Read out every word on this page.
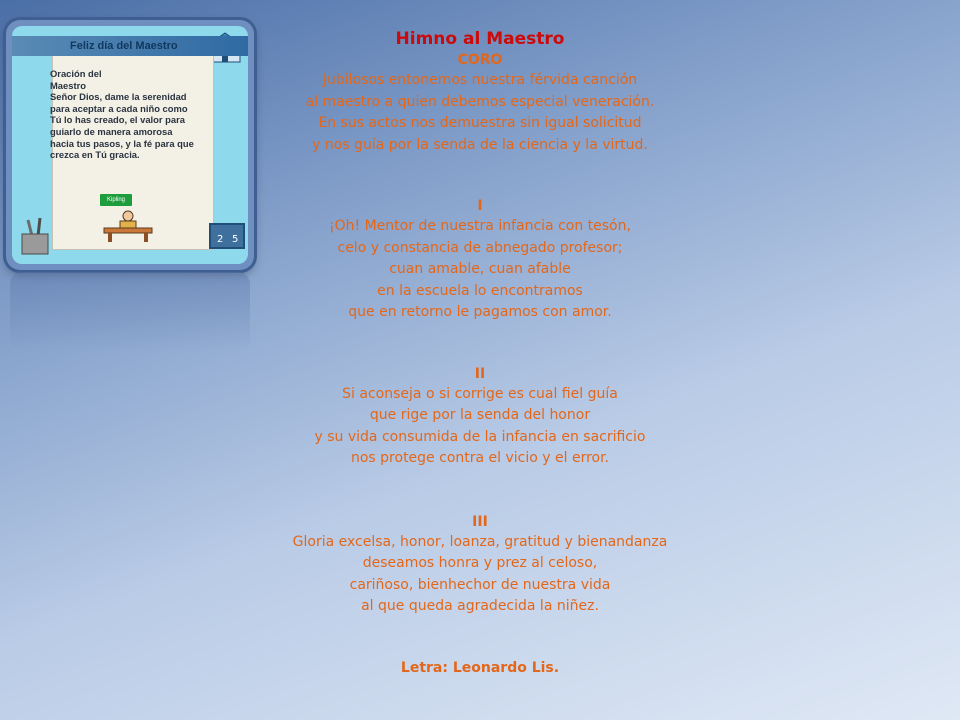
Feliz día del Maestro
Oración del
Maestro
Señor Dios, dame la serenidad
para aceptar a cada niño como
Tú lo has creado, el valor para
guiarlo de manera amorosa
hacia tus pasos, y la fé para que
crezca en Tú gracia.
Kipling
2 5
Himno al Maestro
CORO
Jubilosos entonemos nuestra férvida canción
al maestro a quien debemos especial veneración.
En sus actos nos demuestra sin igual solicitud
y nos guía por la senda de la ciencia y la virtud.
I
¡Oh! Mentor de nuestra infancia con tesón,
celo y constancia de abnegado profesor;
cuan amable, cuan afable
en la escuela lo encontramos
que en retorno le pagamos con amor.
II
Si aconseja o si corrige es cual fiel guía
que rige por la senda del honor
y su vida consumida de la infancia en sacrificio
nos protege contra el vicio y el error.
III
Gloria excelsa, honor, loanza, gratitud y bienandanza
deseamos honra y prez al celoso,
cariñoso, bienhechor de nuestra vida
al que queda agradecida la niñez.
Letra: Leonardo Lis.
